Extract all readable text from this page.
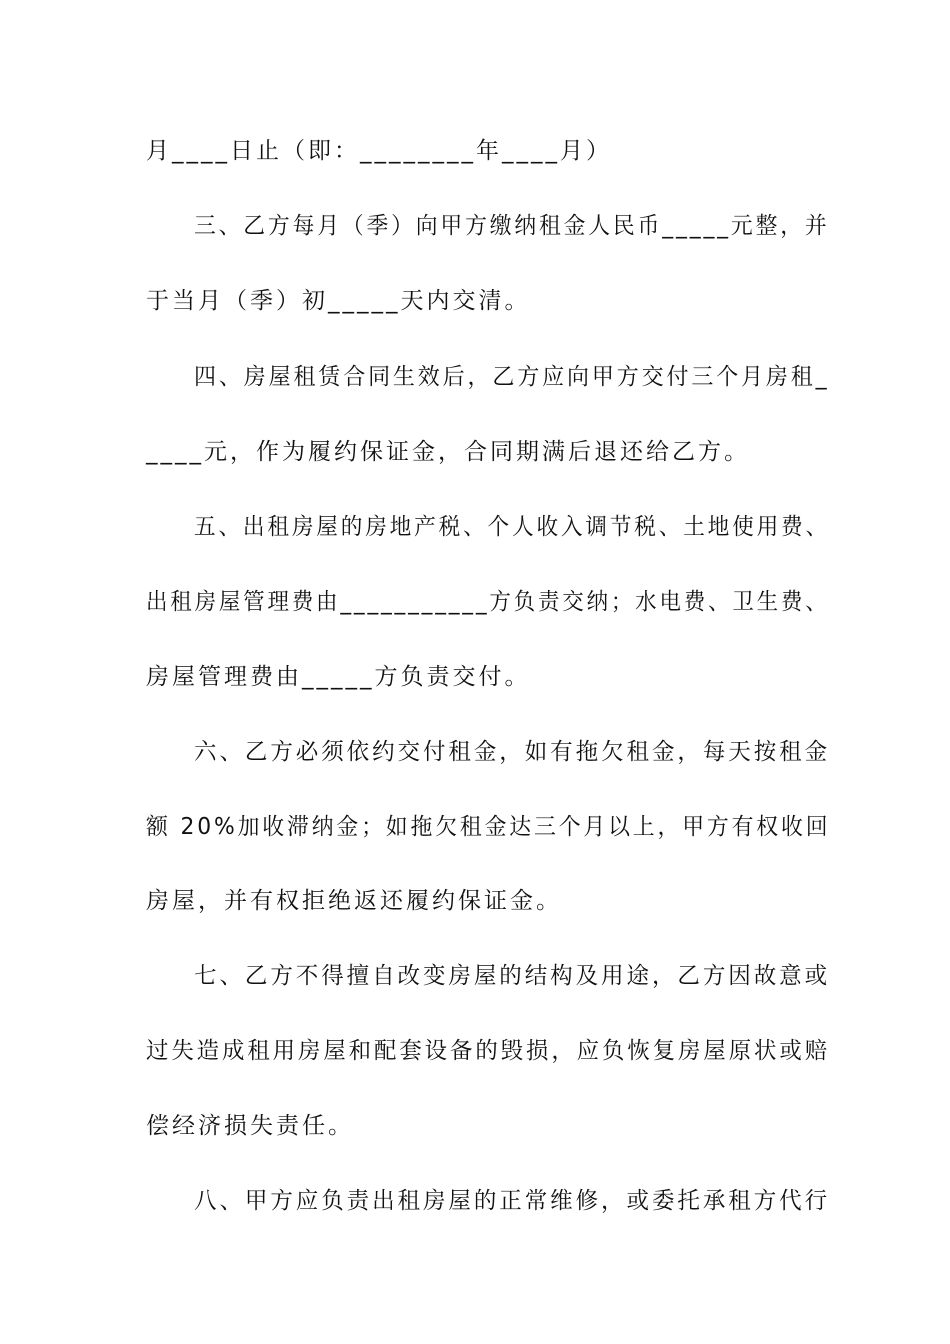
月____日止（即：________年____月）
三、乙方每月（季）向甲方缴纳租金人民币_____元整，并
于当月（季）初_____天内交清。
四、房屋租赁合同生效后，乙方应向甲方交付三个月房租_
____元，作为履约保证金，合同期满后退还给乙方。
五、出租房屋的房地产税、个人收入调节税、土地使用费、
出租房屋管理费由___________方负责交纳；水电费、卫生费、
房屋管理费由_____方负责交付。
六、乙方必须依约交付租金，如有拖欠租金，每天按租金
额 20%加收滞纳金；如拖欠租金达三个月以上，甲方有权收回
房屋，并有权拒绝返还履约保证金。
七、乙方不得擅自改变房屋的结构及用途，乙方因故意或
过失造成租用房屋和配套设备的毁损，应负恢复房屋原状或赔
偿经济损失责任。
八、甲方应负责出租房屋的正常维修，或委托承租方代行
